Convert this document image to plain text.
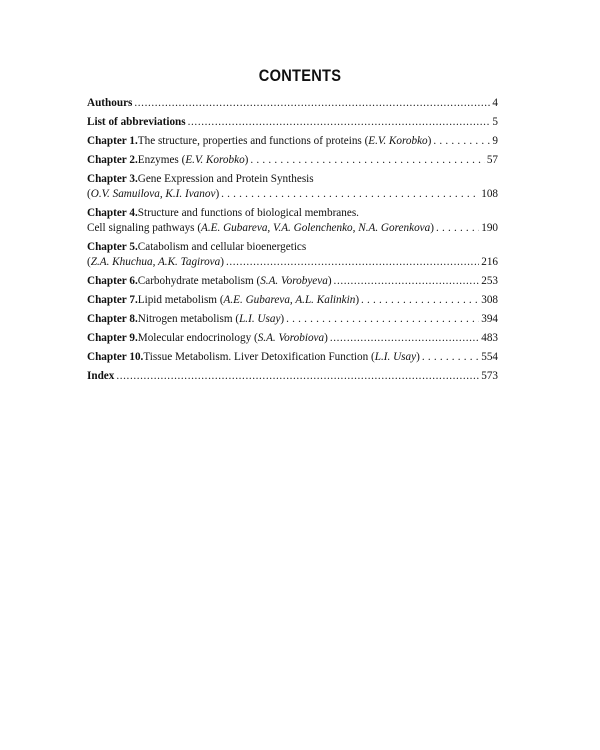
CONTENTS
Authours .....	4
List of abbreviations .....	5
Chapter 1. The structure, properties and functions of proteins
( E.V. Korobko ) . . .	9
Chapter 2. Enzymes
( E.V. Korobko ) . . .	57
Chapter 3. Gene Expression and Protein Synthesis
(
O.V. Samuilova, K.I. Ivanov ) . . .	108
Chapter 4. Structure and functions of biological membranes.
Cell signaling pathways
( A.E. Gubareva, V.A. Golenchenko, N.A. Gorenkova ) . . .	190
Chapter 5. Catabolism and cellular bioenergetics
(
Z.A. Khuchua, A.K. Tagirova ) .....	216
Chapter 6. Carbohydrate metabolism
( S.A. Vorobyeva ) .....	253
Chapter 7. Lipid metabolism
( A.E. Gubareva, A.L. Kalinkin ) . . .	308
Chapter 8. Nitrogen metabolism
( L.I. Usay ) . . .	394
Chapter 9. Molecular endocrinology
( S.A. Vorobiova ) .....	483
Chapter 10. Tissue Metabolism. Liver Detoxification Function
( L.I. Usay ) . . .	554
Index .....	573
